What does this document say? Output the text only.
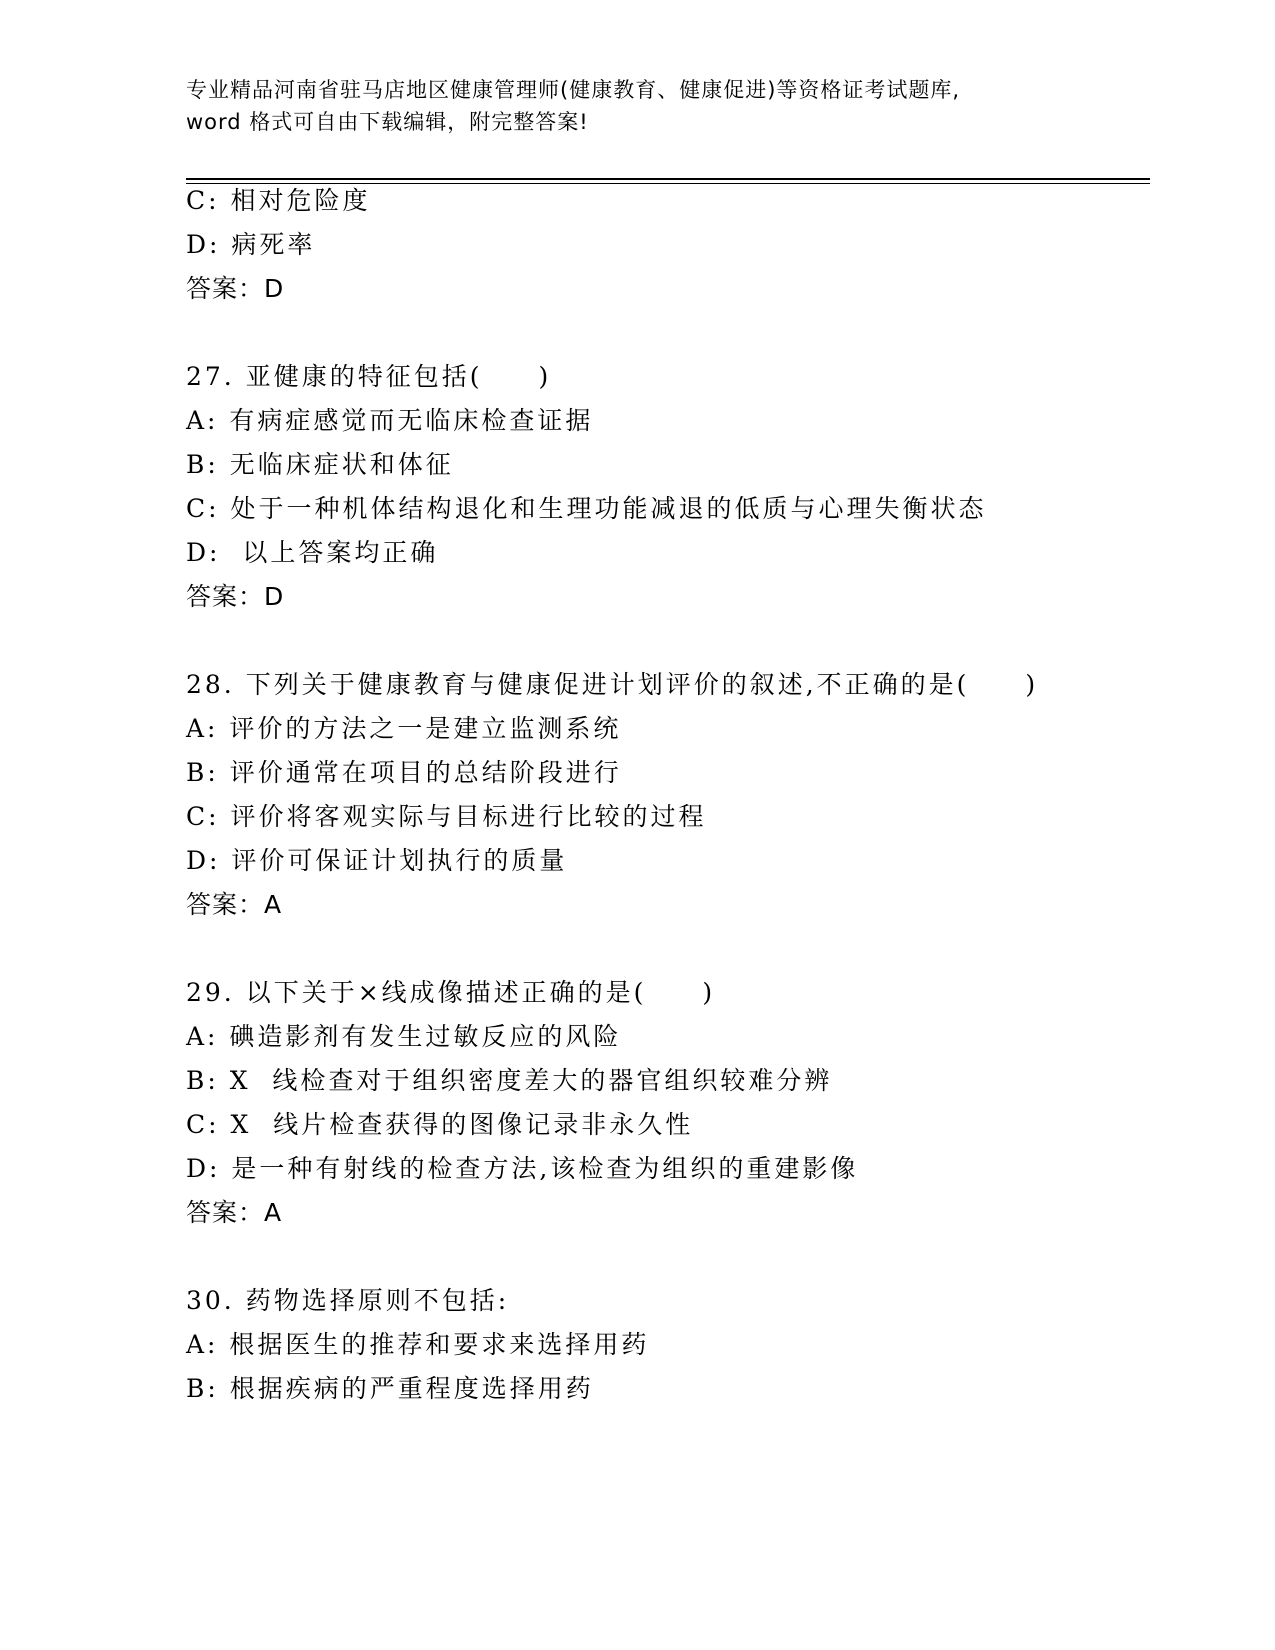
专业精品河南省驻马店地区健康管理师(健康教育、健康促进)等资格证考试题库,
word 格式可自由下载编辑，附完整答案!
C: 相对危险度
D: 病死率
答案：D
27. 亚健康的特征包括(　　)
A: 有病症感觉而无临床检查证据
B: 无临床症状和体征
C: 处于一种机体结构退化和生理功能减退的低质与心理失衡状态
D:  以上答案均正确
答案：D
28. 下列关于健康教育与健康促进计划评价的叙述,不正确的是(　　)
A: 评价的方法之一是建立监测系统
B: 评价通常在项目的总结阶段进行
C: 评价将客观实际与目标进行比较的过程
D: 评价可保证计划执行的质量
答案：A
29. 以下关于×线成像描述正确的是(　　)
A: 碘造影剂有发生过敏反应的风险
B: X  线检查对于组织密度差大的器官组织较难分辨
C: X  线片检查获得的图像记录非永久性
D: 是一种有射线的检查方法,该检查为组织的重建影像
答案：A
30. 药物选择原则不包括:
A: 根据医生的推荐和要求来选择用药
B: 根据疾病的严重程度选择用药
